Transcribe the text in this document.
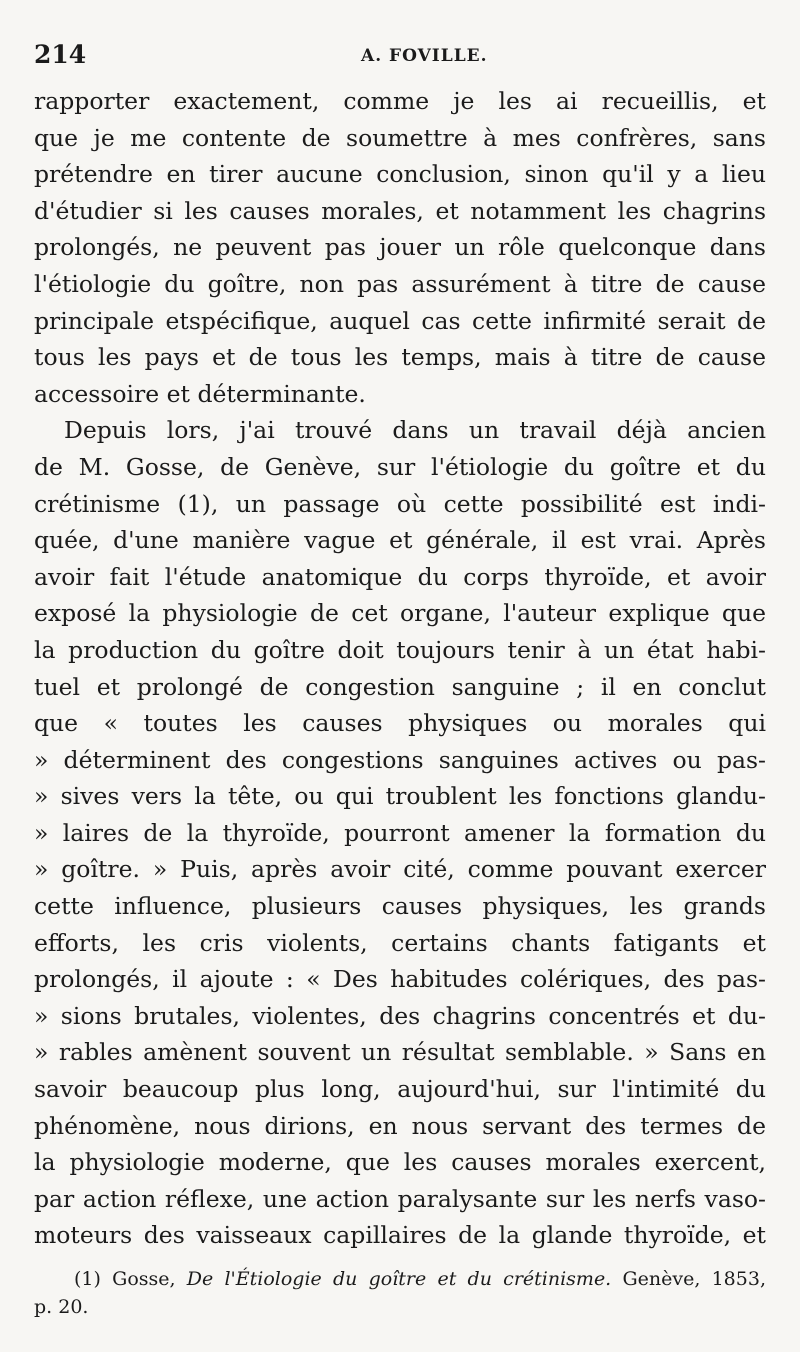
214	A. FOVILLE.
rapporter exactement, comme je les ai recueillis, et
que je me contente de soumettre à mes confrères, sans
prétendre en tirer aucune conclusion, sinon qu'il y a lieu
d'étudier si les causes morales, et notamment les chagrins
prolongés, ne peuvent pas jouer un rôle quelconque dans
l'étiologie du goître, non pas assurément à titre de cause
principale etspécifique, auquel cas cette infirmité serait de
tous les pays et de tous les temps, mais à titre de cause
accessoire et déterminante.
Depuis lors, j'ai trouvé dans un travail déjà ancien
de M. Gosse, de Genève, sur l'étiologie du goître et du
crétinisme (1), un passage où cette possibilité est indi-
quée, d'une manière vague et générale, il est vrai. Après
avoir fait l'étude anatomique du corps thyroïde, et avoir
exposé la physiologie de cet organe, l'auteur explique que
la production du goître doit toujours tenir à un état habi-
tuel et prolongé de congestion sanguine ; il en conclut
que « toutes les causes physiques ou morales qui
» déterminent des congestions sanguines actives ou pas-
» sives vers la tête, ou qui troublent les fonctions glandu-
» laires de la thyroïde, pourront amener la formation du
» goître. » Puis, après avoir cité, comme pouvant exercer
cette influence, plusieurs causes physiques, les grands
efforts, les cris violents, certains chants fatigants et
prolongés, il ajoute : « Des habitudes colériques, des pas-
» sions brutales, violentes, des chagrins concentrés et du-
» rables amènent souvent un résultat semblable. » Sans en
savoir beaucoup plus long, aujourd'hui, sur l'intimité du
phénomène, nous dirions, en nous servant des termes de
la physiologie moderne, que les causes morales exercent,
par action réflexe, une action paralysante sur les nerfs vaso-
moteurs des vaisseaux capillaires de la glande thyroïde, et
(1) Gosse, De l'Étiologie du goître et du crétinisme. Genève, 1853,
p. 20.
